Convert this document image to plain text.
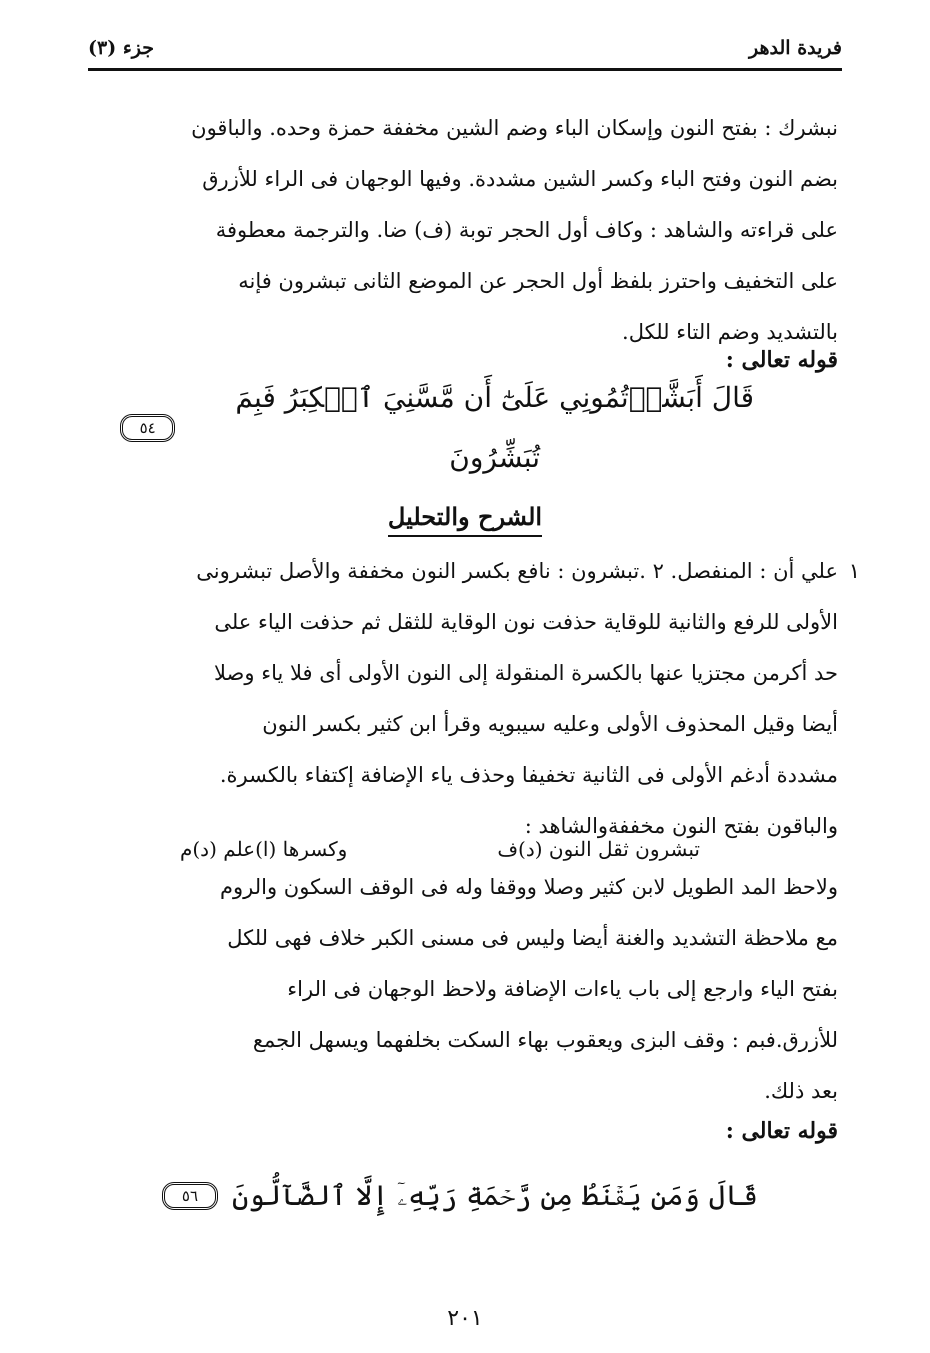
فريدة الدهر
جزء (٣)

نبشرك : بفتح النون وإسكان الباء وضم الشين مخففة حمزة وحده. والباقون

بضم النون وفتح الباء وكسر الشين مشددة. وفيها الوجهان فى الراء للأزرق

على قراءته والشاهد : وكاف أول الحجر توبة (ف) ضا. والترجمة معطوفة

على التخفيف واحترز بلفظ أول الحجر عن الموضع الثانى تبشرون فإنه

بالتشديد وضم التاء للكل.

قوله تعالى :
قَالَ أَبَشَّرۡتُمُونِي عَلَىٰٓ أَن مَّسَّنِيَ ٱلۡكِبَرُ فَبِمَ تُبَشِّرُونَ
٥٤
الشرح والتحليل
١

علي أن : المنفصل. ٢ .تبشرون : نافع بكسر النون مخففة والأصل تبشرونى

الأولى للرفع والثانية للوقاية حذفت نون الوقاية للثقل ثم حذفت الياء على

حد أكرمن مجتزيا عنها بالكسرة المنقولة إلى النون الأولى أى فلا ياء وصلا

أيضا وقيل المحذوف الأولى وعليه سيبويه وقرأ ابن كثير بكسر النون

مشددة أدغم الأولى فى الثانية تخفيفا وحذف ياء الإضافة إكتفاء بالكسرة.

والباقون بفتح النون مخففةوالشاهد :

تبشرون ثقل النون (د)ف
وكسرها (ا)علم (د)م

ولاحظ المد الطويل لابن كثير وصلا ووقفا وله فى الوقف السكون والروم

مع ملاحظة التشديد والغنة أيضا وليس فى مسنى الكبر خلاف فهى للكل

بفتح الياء وارجع إلى باب ياءات الإضافة ولاحظ الوجهان فى الراء

للأزرق.فبم : وقف البزى ويعقوب بهاء السكت بخلفهما ويسهل الجمع

بعد ذلك.

قوله تعالى :
قَالَ وَمَن يَقۡنَطُ مِن رَّحۡمَةِ رَبِّهِۦٓ إِلَّا ٱلضَّآلُّونَ
٥٦
٢٠١
